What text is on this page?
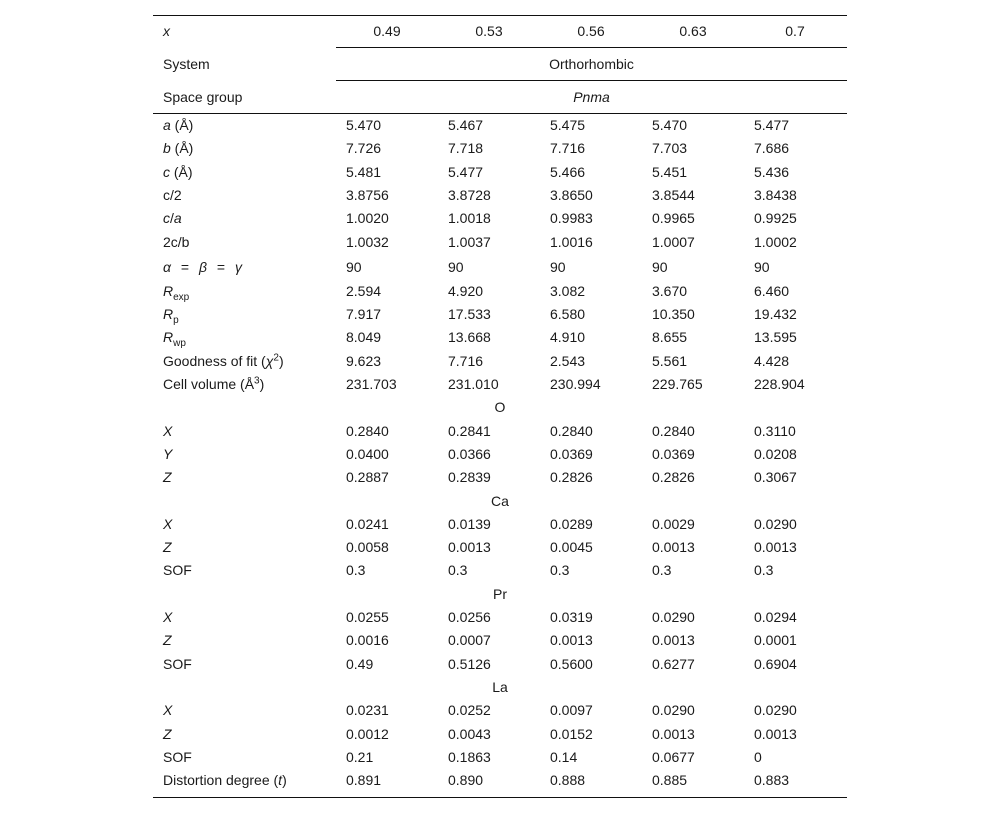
x	0.49	0.53	0.56	0.63	0.7
System	Orthorhombic
Space group	Pnma
a (Å)	5.470	5.467	5.475	5.470	5.477
b (Å)	7.726	7.718	7.716	7.703	7.686
c (Å)	5.481	5.477	5.466	5.451	5.436
c/2	3.8756	3.8728	3.8650	3.8544	3.8438
c/a	1.0020	1.0018	0.9983	0.9965	0.9925
2c/b	1.0032	1.0037	1.0016	1.0007	1.0002
α = β = γ	90	90	90	90	90
$R_{exp}$	2.594	4.920	3.082	3.670	6.460
$R_p$	7.917	17.533	6.580	10.350	19.432
$R_{wp}$	8.049	13.668	4.910	8.655	13.595
Goodness of fit $(\chi^2)$	9.623	7.716	2.543	5.561	4.428
Cell volume $(Å^3)$	231.703	231.010	230.994	229.765	228.904
O
X	0.2840	0.2841	0.2840	0.2840	0.3110
Y	0.0400	0.0366	0.0369	0.0369	0.0208
Z	0.2887	0.2839	0.2826	0.2826	0.3067
Ca
X	0.0241	0.0139	0.0289	0.0029	0.0290
Z	0.0058	0.0013	0.0045	0.0013	0.0013
SOF	0.3	0.3	0.3	0.3	0.3
Pr
X	0.0255	0.0256	0.0319	0.0290	0.0294
Z	0.0016	0.0007	0.0013	0.0013	0.0001
SOF	0.49	0.5126	0.5600	0.6277	0.6904
La
X	0.0231	0.0252	0.0097	0.0290	0.0290
Z	0.0012	0.0043	0.0152	0.0013	0.0013
SOF	0.21	0.1863	0.14	0.0677	0
Distortion degree (t)	0.891	0.890	0.888	0.885	0.883
